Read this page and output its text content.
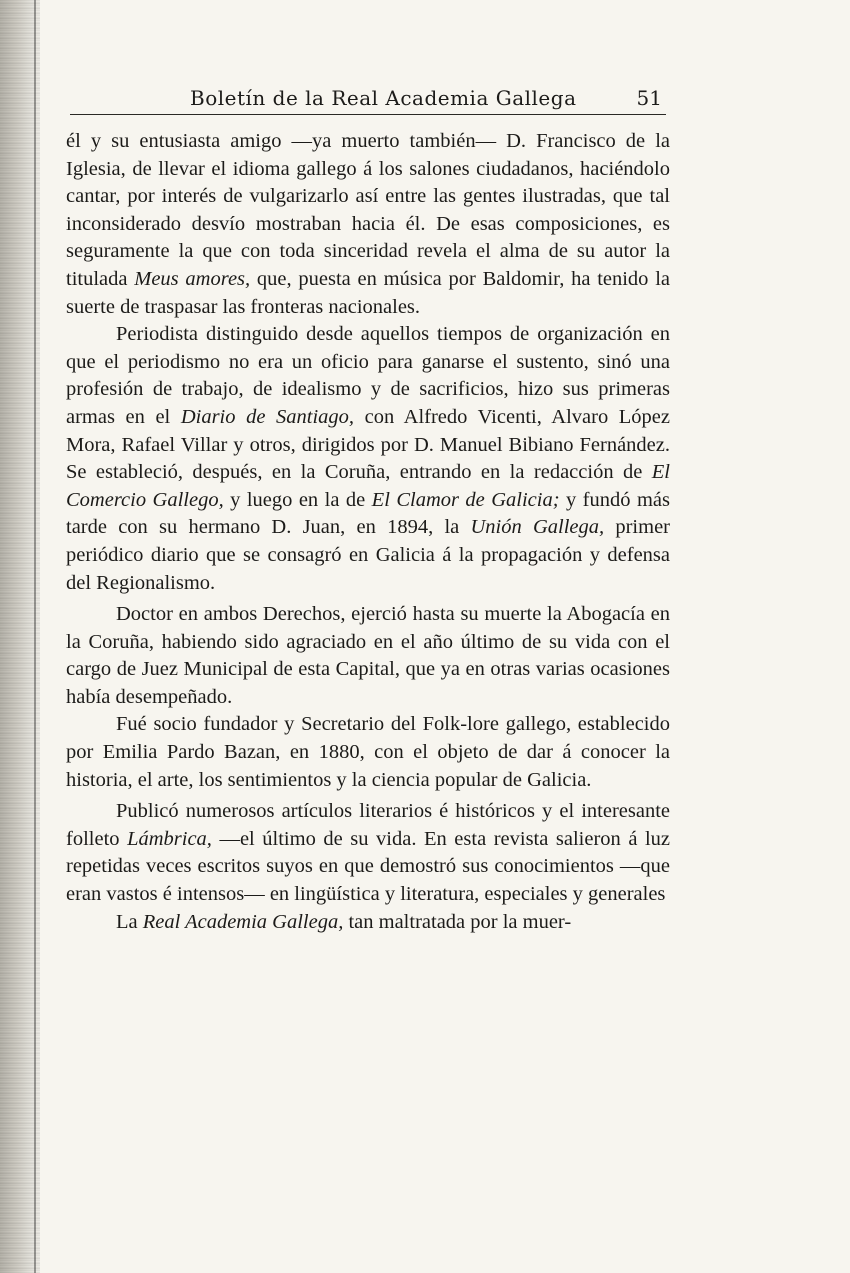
Boletín de la Real Academia Gallega	51

él y su entusiasta amigo —ya muerto también— D. Francisco de la Iglesia, de llevar el idioma gallego á los salones ciudadanos, haciéndolo cantar, por interés de vulgarizarlo así entre las gentes ilustradas, que tal inconsiderado desvío mostraban hacia él. De esas composiciones, es seguramente la que con toda sinceridad revela el alma de su autor la titulada Meus amores, que, puesta en música por Baldomir, ha tenido la suerte de traspasar las fronteras nacionales.

Periodista distinguido desde aquellos tiempos de organización en que el periodismo no era un oficio para ganarse el sustento, sinó una profesión de trabajo, de idealismo y de sacrificios, hizo sus primeras armas en el Diario de Santiago, con Alfredo Vicenti, Alvaro López Mora, Rafael Villar y otros, dirigidos por D. Manuel Bibiano Fernández. Se estableció, después, en la Coruña, entrando en la redacción de El Comercio Gallego, y luego en la de El Clamor de Galicia; y fundó más tarde con su hermano D. Juan, en 1894, la Unión Gallega, primer periódico diario que se consagró en Galicia á la propagación y defensa del Regionalismo.

Doctor en ambos Derechos, ejerció hasta su muerte la Abogacía en la Coruña, habiendo sido agraciado en el año último de su vida con el cargo de Juez Municipal de esta Capital, que ya en otras varias ocasiones había desempeñado.

Fué socio fundador y Secretario del Folk-lore gallego, establecido por Emilia Pardo Bazan, en 1880, con el objeto de dar á conocer la historia, el arte, los sentimientos y la ciencia popular de Galicia.

Publicó numerosos artículos literarios é históricos y el interesante folleto Lámbrica, —el último de su vida. En esta revista salieron á luz repetidas veces escritos suyos en que demostró sus conocimientos —que eran vastos é intensos— en lingüística y literatura, especiales y generales

La Real Academia Gallega, tan maltratada por la muer-
